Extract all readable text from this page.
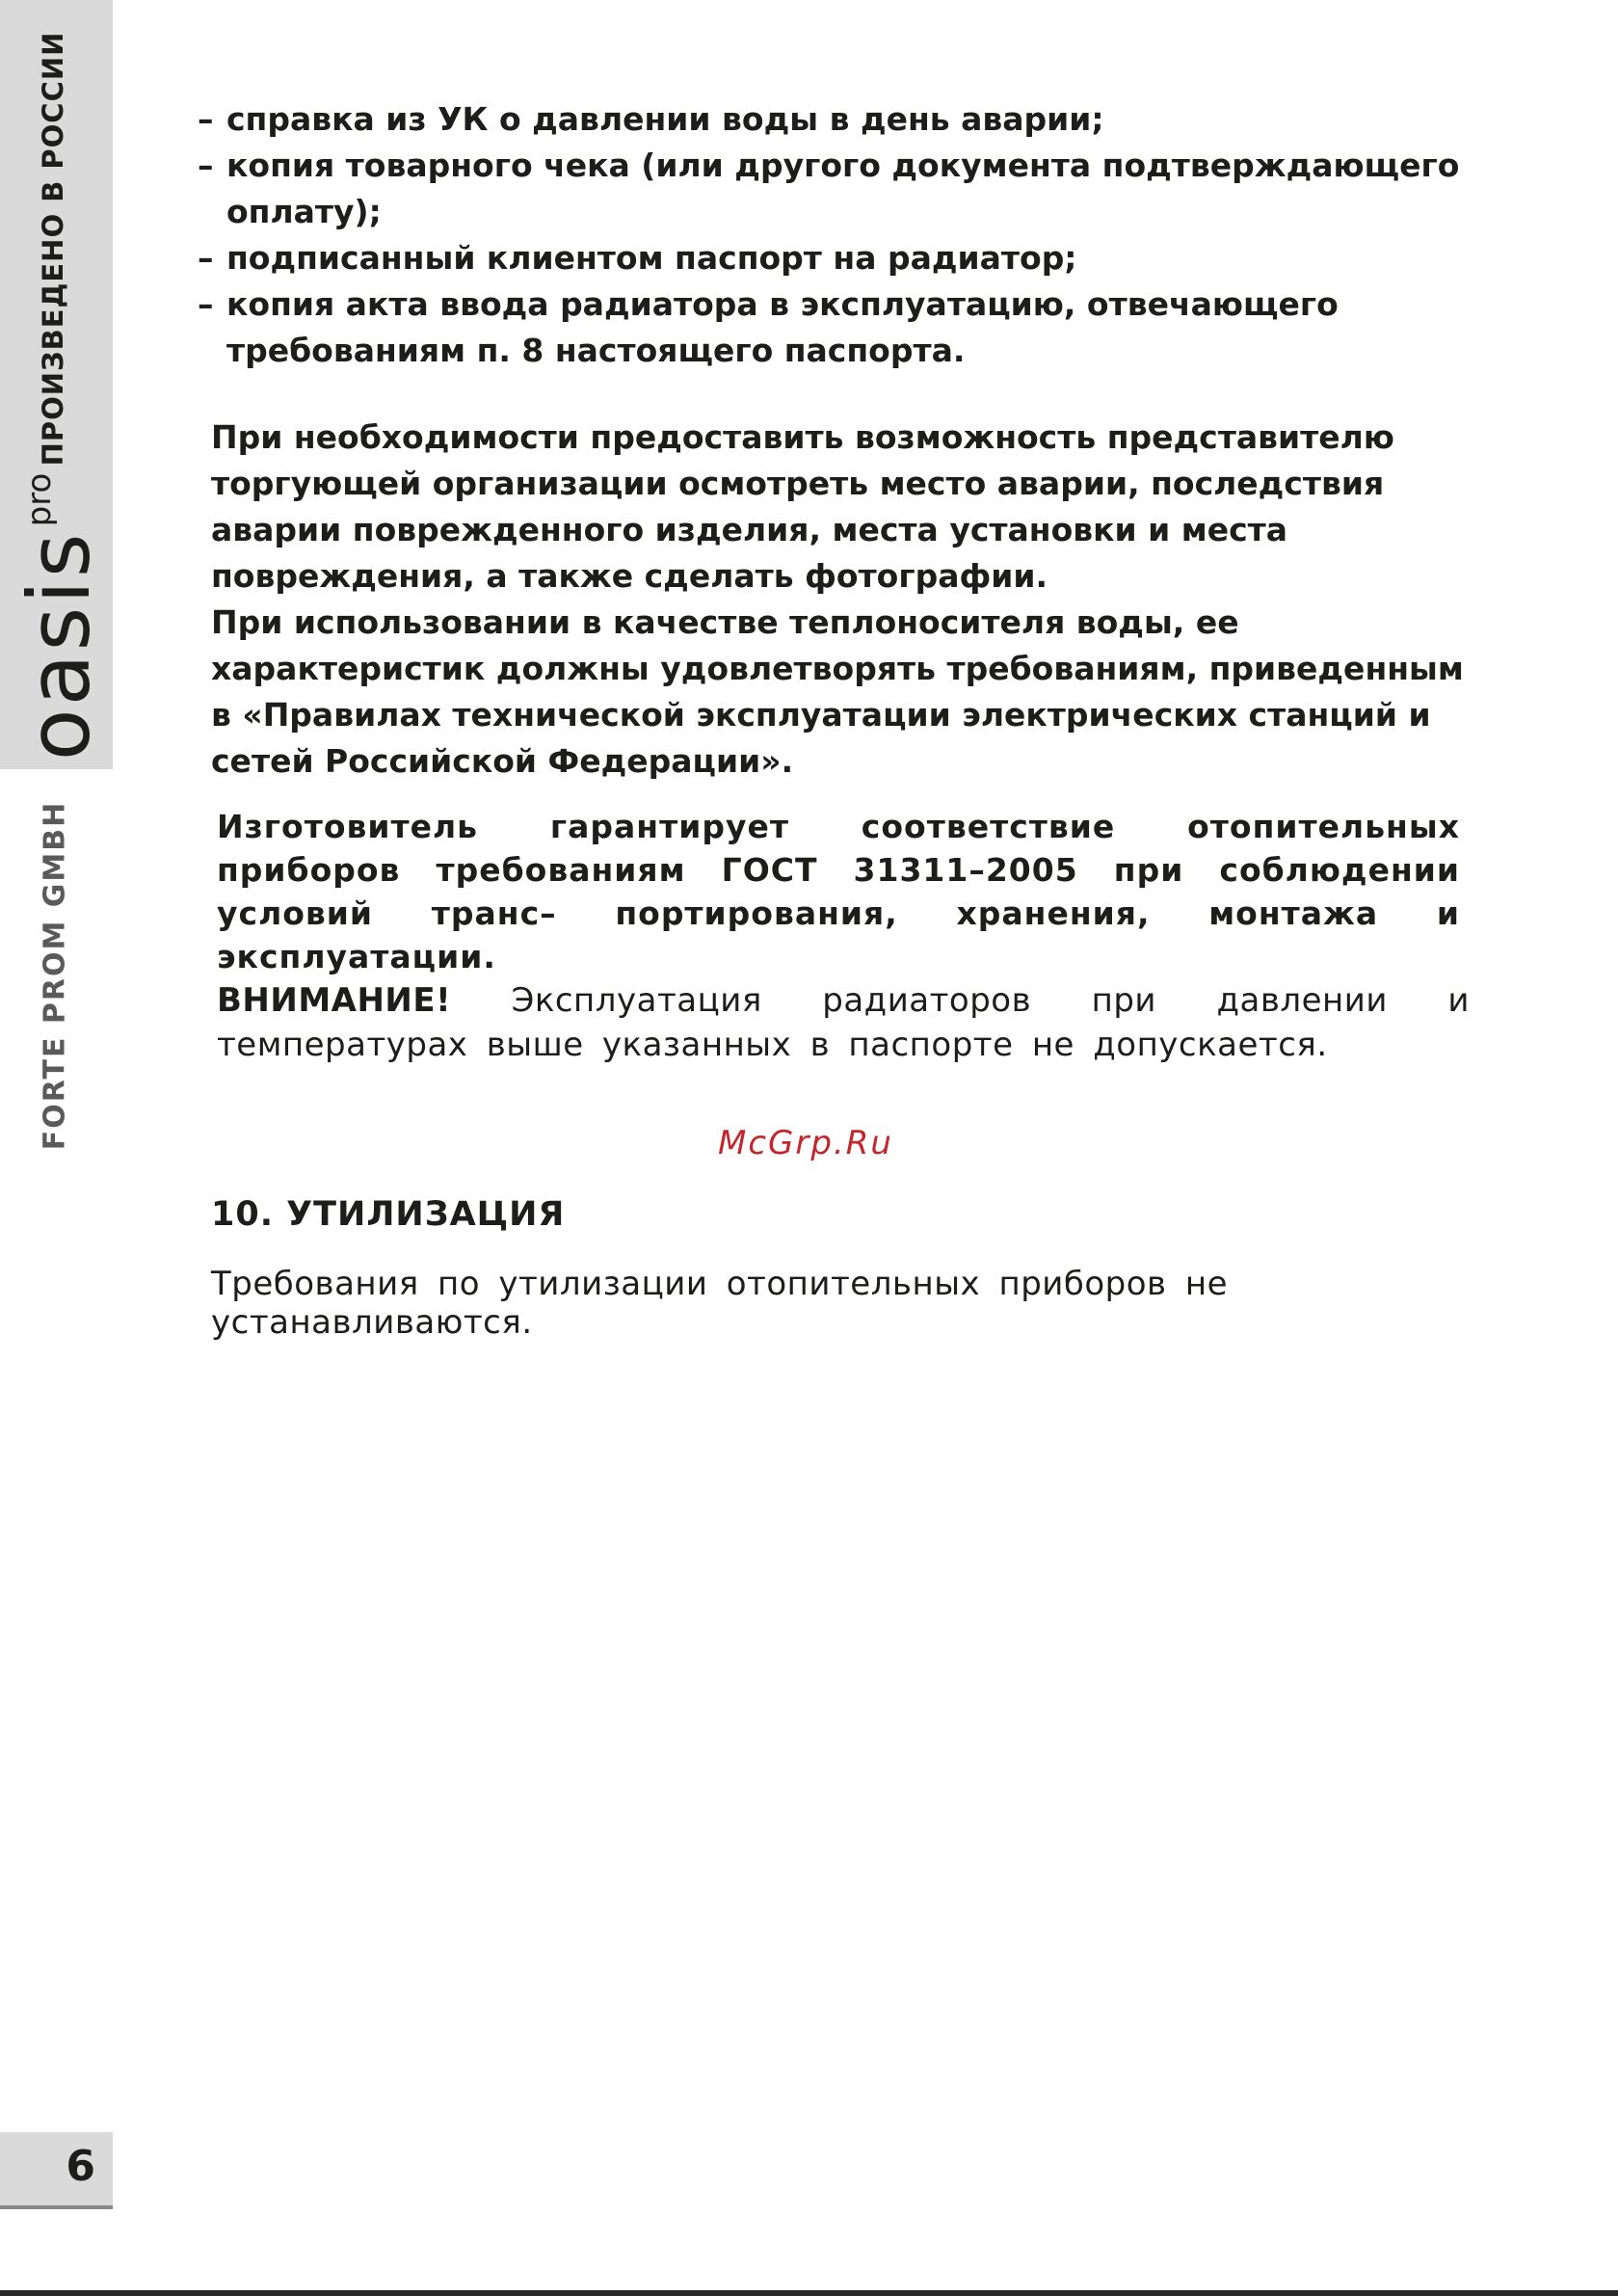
ПРОИЗВЕДЕНО В РОССИИ
oasis$^{pro}$
FORTE PROM GMBH
6
– справка из УК о давлении воды в день аварии;
– копия товарного чека (или другого документа подтверждающего оплату);
– подписанный клиентом паспорт на радиатор;
– копия акта ввода радиатора в эксплуатацию, отвечающего требованиям п. 8 настоящего паспорта.

При необходимости предоставить возможность представителю торгующей организации осмотреть место аварии, последствия аварии поврежденного изделия, места установки и места повреждения, а также сделать фотографии.

При использовании в качестве теплоносителя воды, ее характеристик должны удовлетворять требованиям, приведенным в «Правилах технической эксплуатации электрических станций и сетей Российской Федерации».

Изготовитель гарантирует соответствие отопительных приборов требованиям ГОСТ 31311–2005 при соблюдении условий транс– портирования, хранения, монтажа и эксплуатации.

ВНИМАНИЕ! Эксплуатация радиаторов при давлении и температурах выше указанных в паспорте не допускается.

McGrp.Ru
10. УТИЛИЗАЦИЯ

Требования по утилизации отопительных приборов не устанавливаются.
